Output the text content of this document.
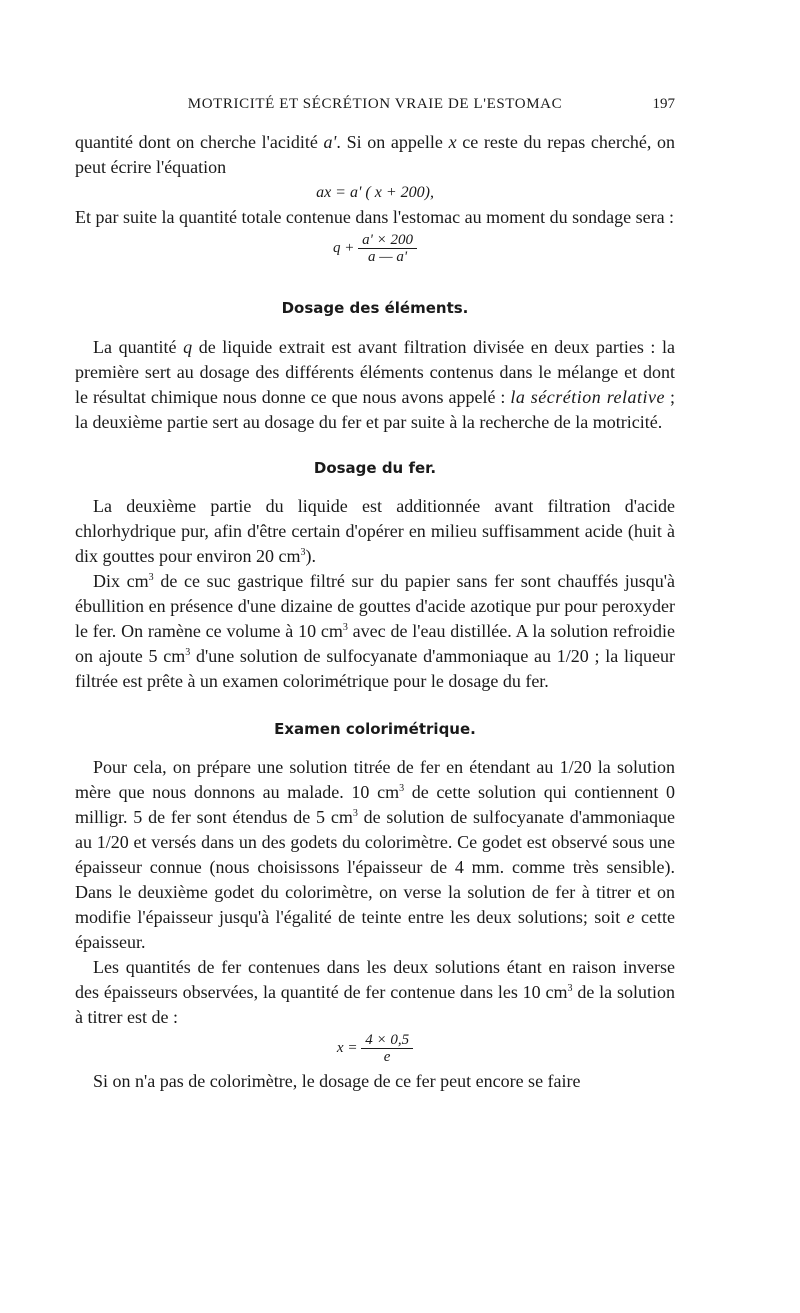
MOTRICITÉ ET SÉCRÉTION VRAIE DE L'ESTOMAC	197

quantité dont on cherche l'acidité a'. Si on appelle x ce reste du repas cherché, on peut écrire l'équation

ax = a' ( x + 200),

Et par suite la quantité totale contenue dans l'estomac au moment du sondage sera :

$q + \frac{a' \times 200}{a — a'}$
Dosage des éléments.

La quantité q de liquide extrait est avant filtration divisée en deux parties : la première sert au dosage des différents éléments contenus dans le mélange et dont le résultat chimique nous donne ce que nous avons appelé : la sécrétion relative ; la deuxième partie sert au dosage du fer et par suite à la recherche de la motricité.

Dosage du fer.

La deuxième partie du liquide est additionnée avant filtration d'acide chlorhydrique pur, afin d'être certain d'opérer en milieu suffisamment acide (huit à dix gouttes pour environ 20 $cm^3$).

Dix $cm^3$ de ce suc gastrique filtré sur du papier sans fer sont chauffés jusqu'à ébullition en présence d'une dizaine de gouttes d'acide azotique pur pour peroxyder le fer. On ramène ce volume à 10 $cm^3$ avec de l'eau distillée. A la solution refroidie on ajoute 5 $cm^3$ d'une solution de sulfocyanate d'ammoniaque au 1/20 ; la liqueur filtrée est prête à un examen colorimétrique pour le dosage du fer.

Examen colorimétrique.

Pour cela, on prépare une solution titrée de fer en étendant au 1/20 la solution mère que nous donnons au malade. 10 $cm^3$ de cette solution qui contiennent 0 milligr. 5 de fer sont étendus de 5 $cm^3$ de solution de sulfocyanate d'ammoniaque au 1/20 et versés dans un des godets du colorimètre. Ce godet est observé sous une épaisseur connue (nous choisissons l'épaisseur de 4 mm. comme très sensible). Dans le deuxième godet du colorimètre, on verse la solution de fer à titrer et on modifie l'épaisseur jusqu'à l'égalité de teinte entre les deux solutions; soit e cette épaisseur.

Les quantités de fer contenues dans les deux solutions étant en raison inverse des épaisseurs observées, la quantité de fer contenue dans les 10 $cm^3$ de la solution à titrer est de :

$x = \frac{4 \times 0,5}{e}$

Si on n'a pas de colorimètre, le dosage de ce fer peut encore se faire
